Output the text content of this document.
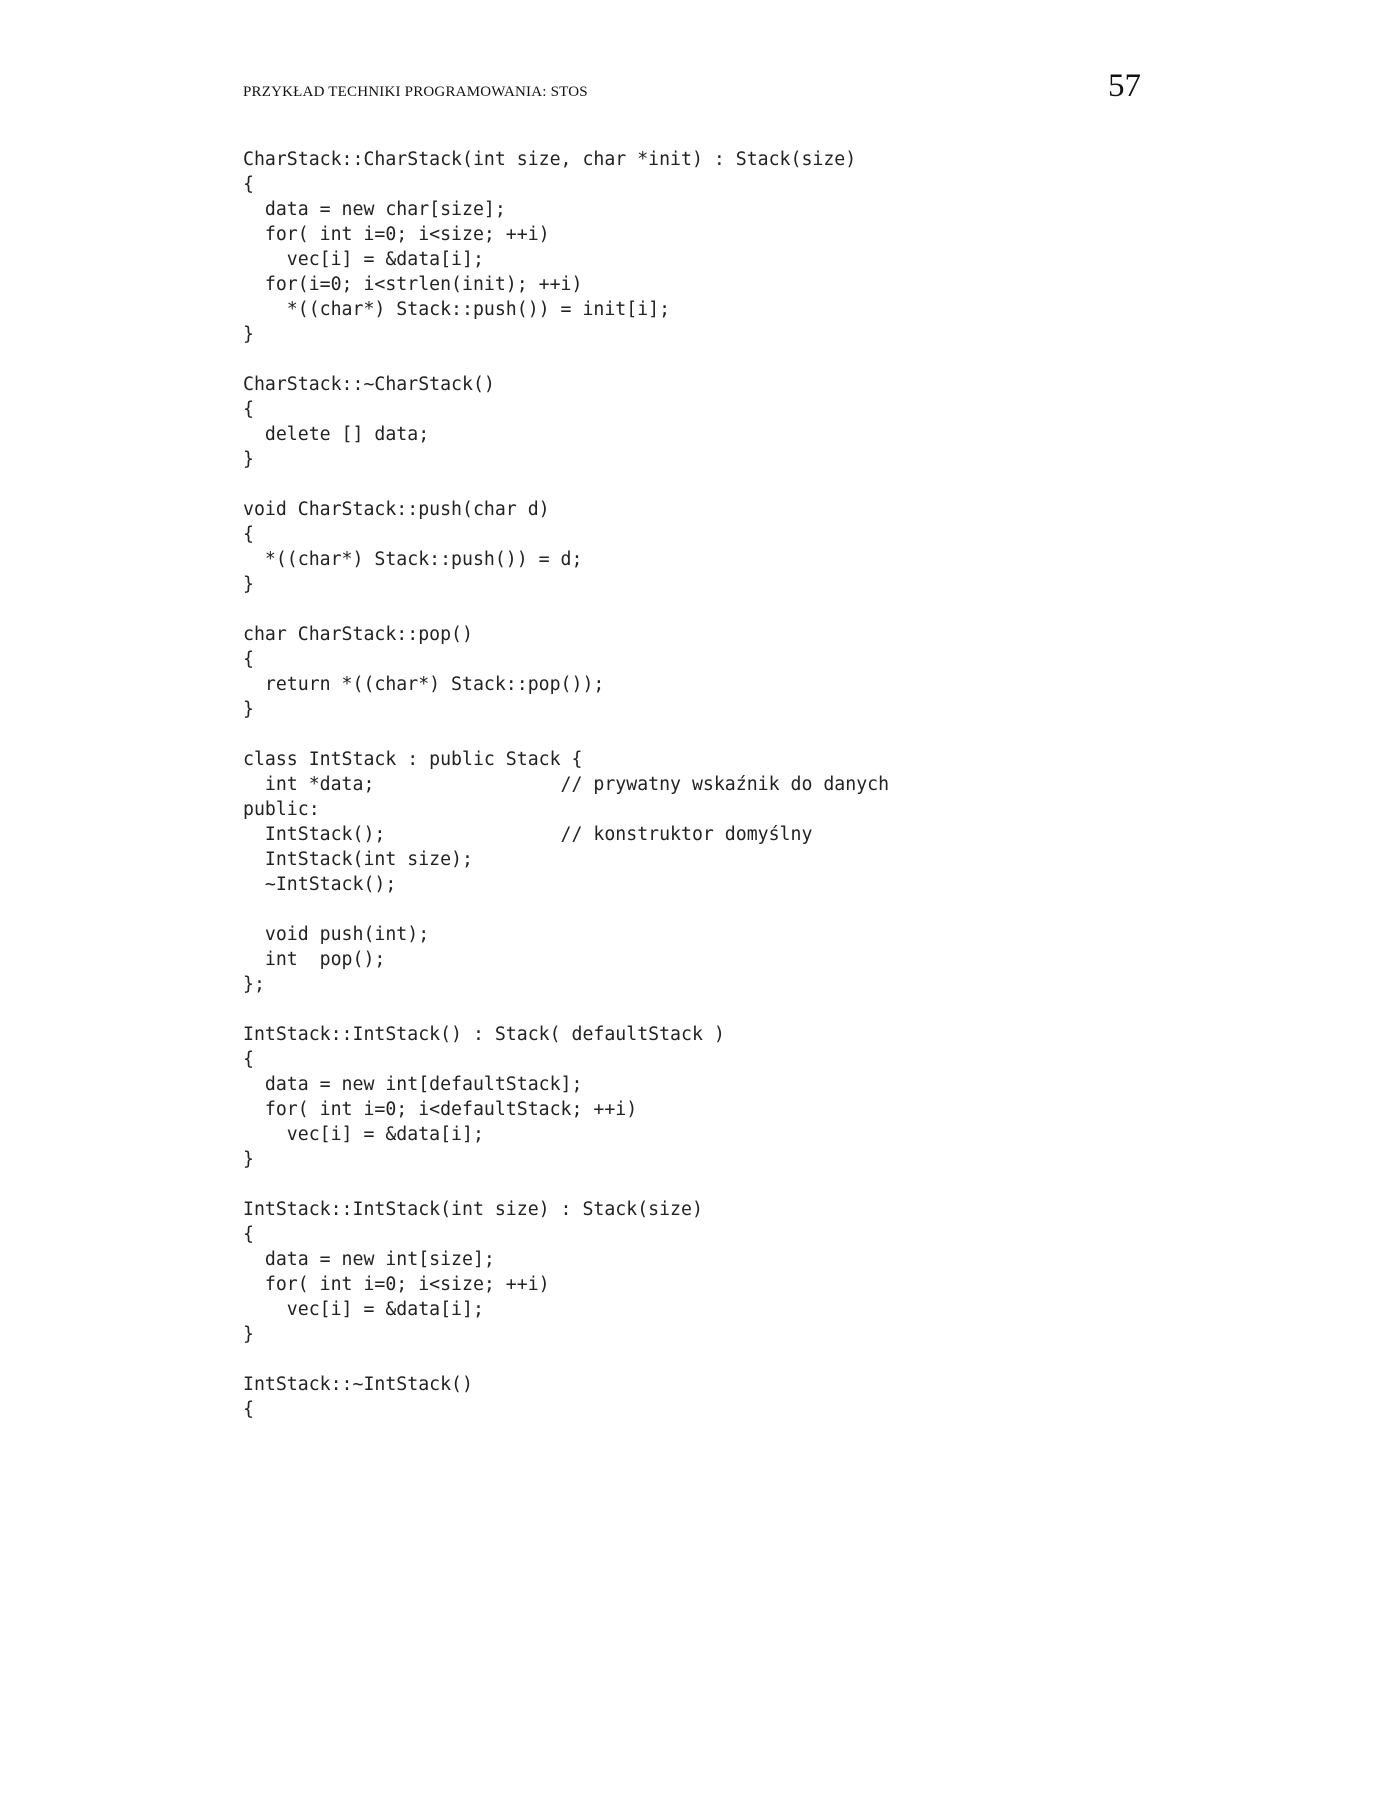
PRZYKŁAD TECHNIKI PROGRAMOWANIA: STOS	57
CharStack::CharStack(int size, char *init) : Stack(size)
{
data = new char[size];
for( int i=0; i<size; ++i)
vec[i] = &data[i];
for(i=0; i<strlen(init); ++i)
*((char*) Stack::push()) = init[i];
}
CharStack::~CharStack()
{
delete [] data;
}
void CharStack::push(char d)
{
*((char*) Stack::push()) = d;
}
char CharStack::pop()
{
return *((char*) Stack::pop());
}
class IntStack : public Stack {
int *data;                 // prywatny wskaźnik do danych
public:
IntStack();                // konstruktor domyślny
IntStack(int size);
~IntStack();
void push(int);
int  pop();
};
IntStack::IntStack() : Stack( defaultStack )
{
data = new int[defaultStack];
for( int i=0; i<defaultStack; ++i)
vec[i] = &data[i];
}
IntStack::IntStack(int size) : Stack(size)
{
data = new int[size];
for( int i=0; i<size; ++i)
vec[i] = &data[i];
}
IntStack::~IntStack()
{
